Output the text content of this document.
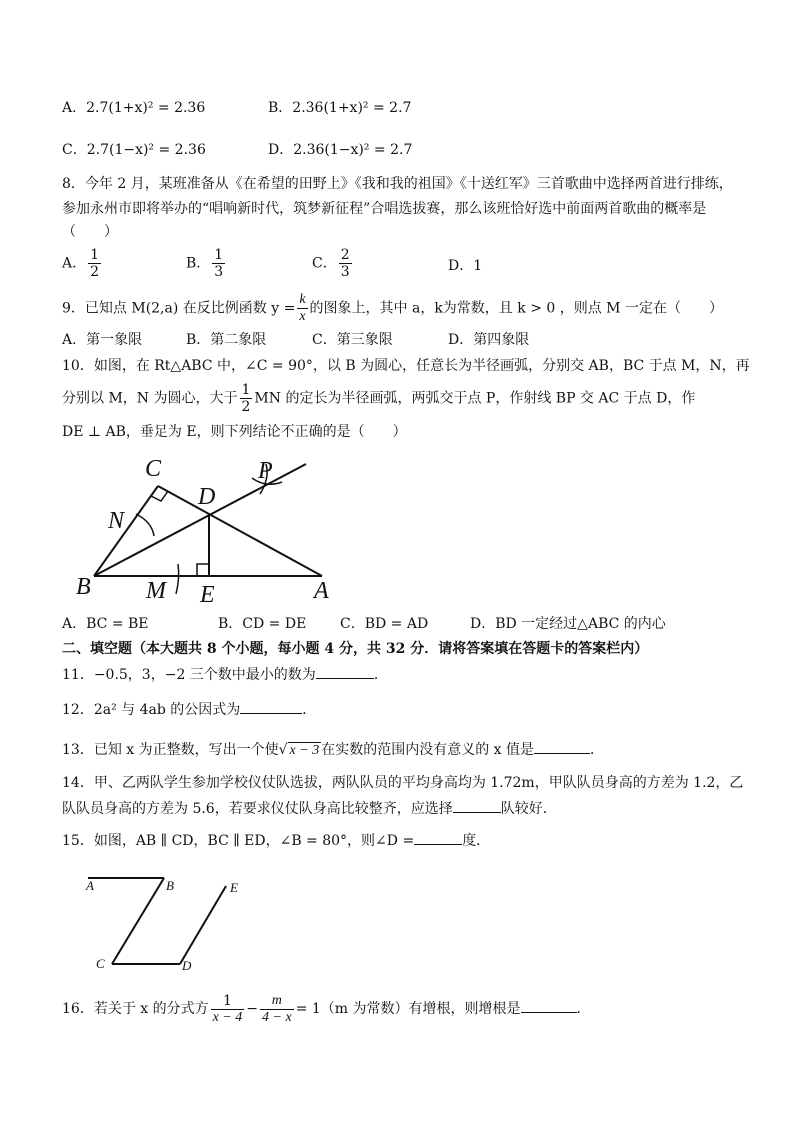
A．2.7(1+x)² = 2.36	B．2.36(1+x)² = 2.7
C．2.7(1−x)² = 2.36	D．2.36(1−x)² = 2.7
8．今年 2 月，某班准备从《在希望的田野上》《我和我的祖国》《十送红军》三首歌曲中选择两首进行排练，
参加永州市即将举办的“唱响新时代，筑梦新征程”合唱选拔赛，那么该班恰好选中前面两首歌曲的概率是
（　　）
A． $\frac{1}{2}$	B． $\frac{1}{3}$	C． $\frac{2}{3}$	D．1
9．已知点 M(2,a) 在反比例函数 $y = \frac{k}{x}$ 的图象上，其中 a，k为常数，且 k > 0 ，则点 M 一定在（　　）
A．第一象限	B．第二象限	C．第三象限	D．第四象限
10．如图，在 Rt△ABC 中，∠C = 90°，以 B 为圆心，任意长为半径画弧，分别交 AB，BC 于点 M，N，再
分别以 M，N 为圆心，大于 $\frac{1}{2}$ MN 的定长为半径画弧，两弧交于点 P，作射线 BP 交 AC 于点 D，作
DE ⊥ AB，垂足为 E，则下列结论不正确的是（　　）
C	P
D
N
B M E	A
A．BC = BE	B．CD = DE C．BD = AD	D．BD 一定经过△ABC 的内心
二、填空题（本大题共 8 个小题，每小题 4 分，共 32 分．请将答案填在答题卡的答案栏内）
11．−0.5，3，−2 三个数中最小的数为	．
12．2a² 与 4ab 的公因式为	．
13．已知 x 为正整数，写出一个使√ x − 3 在实数的范围内没有意义的 x 值是	．
14．甲、乙两队学生参加学校仪仗队选拔，两队队员的平均身高均为 1.72m，甲队队员身高的方差为 1.2，乙
队队员身高的方差为 5.6，若要求仪仗队身高比较整齐，应选择	队较好．
15．如图，AB ∥ CD，BC ∥ ED，∠B = 80°，则∠D =	度．
A	B
C	D
E
16．若关于 x 的分式方 $\frac{1}{x - 4} - \frac{m}{4 - x} = 1(m$ 为常数）有增根，则增根是	．
